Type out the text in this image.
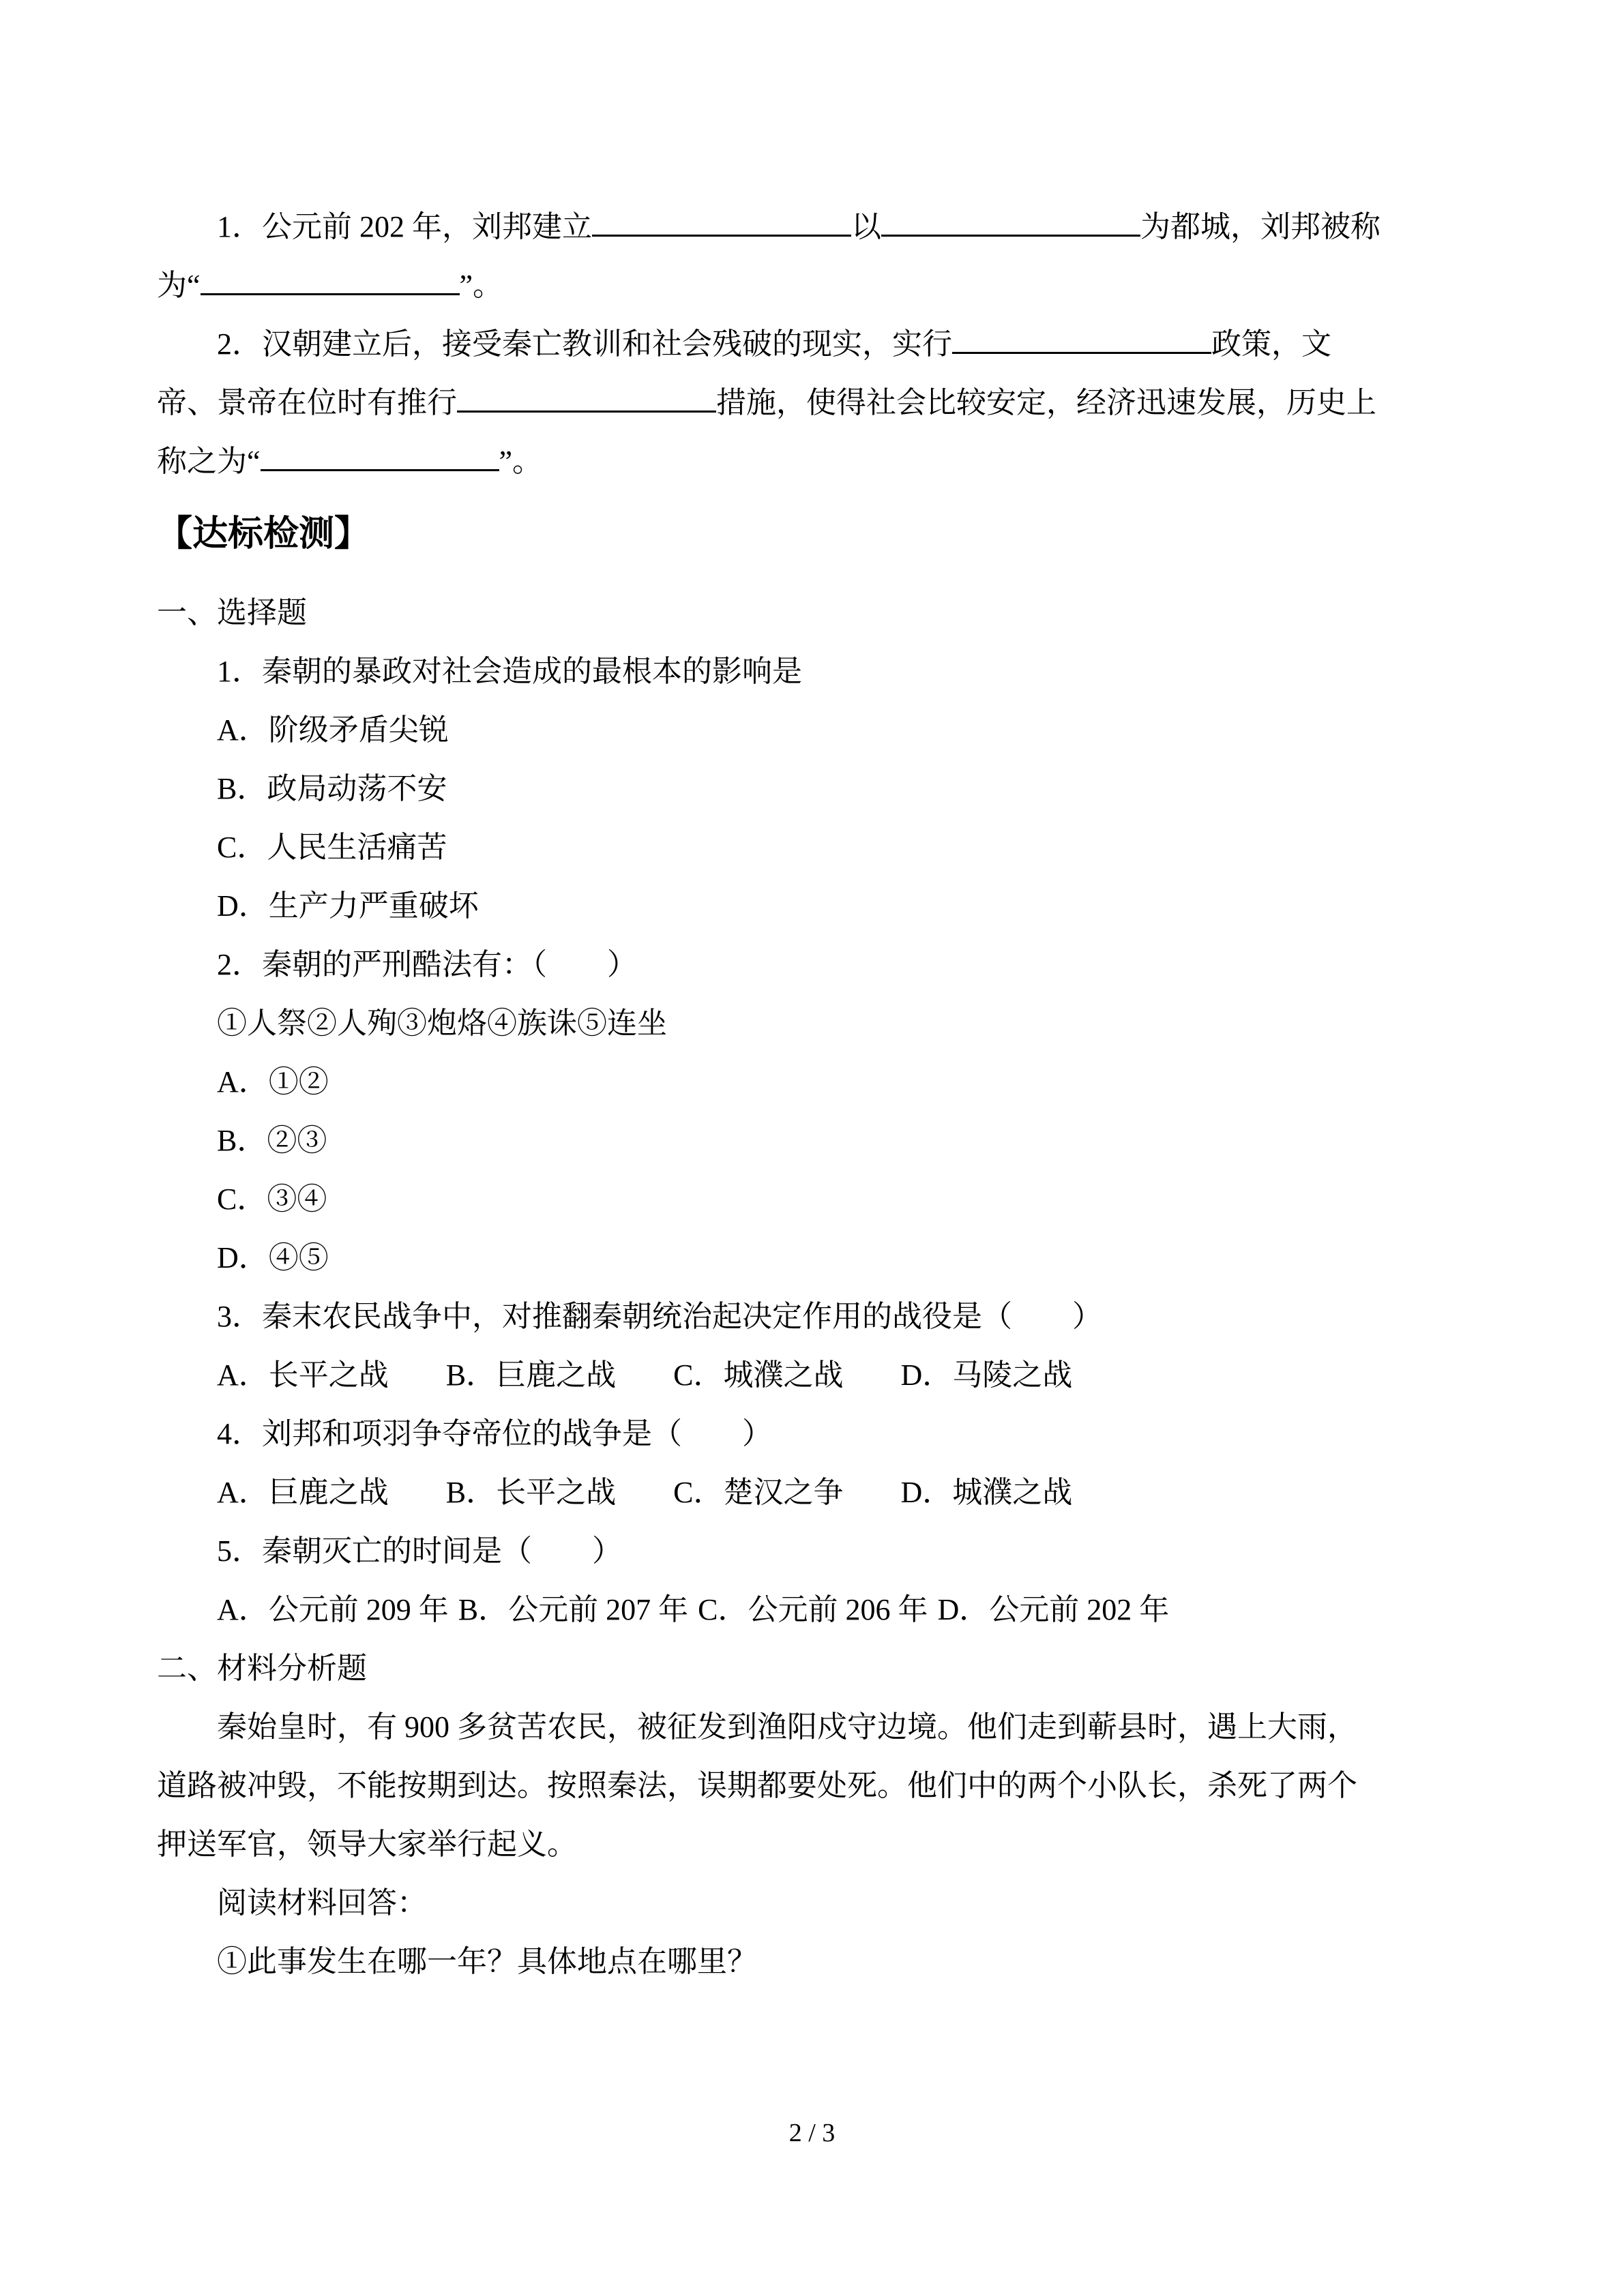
1．公元前 202 年，刘邦建立	以	为都城，刘邦被称

为“	”。

2．汉朝建立后，接受秦亡教训和社会残破的现实，实行	政策，文

帝、景帝在位时有推行	措施，使得社会比较安定，经济迅速发展，历史上

称之为“	”。

【达标检测】

一、选择题

1．秦朝的暴政对社会造成的最根本的影响是

A．阶级矛盾尖锐

B．政局动荡不安

C．人民生活痛苦

D．生产力严重破坏

2．秦朝的严刑酷法有：（　　）

①人祭②人殉③炮烙④族诛⑤连坐

A．①②

B．②③

C．③④

D．④⑤

3．秦末农民战争中，对推翻秦朝统治起决定作用的战役是（　　）

A．长平之战 B．巨鹿之战 C．城濮之战 D．马陵之战

4．刘邦和项羽争夺帝位的战争是（　　）

A．巨鹿之战 B．长平之战 C．楚汉之争 D．城濮之战

5．秦朝灭亡的时间是（　　）

A．公元前 209 年 B．公元前 207 年 C．公元前 206 年 D．公元前 202 年

二、材料分析题

秦始皇时，有 900 多贫苦农民，被征发到渔阳戍守边境。他们走到蕲县时，遇上大雨，

道路被冲毁，不能按期到达。按照秦法，误期都要处死。他们中的两个小队长，杀死了两个

押送军官，领导大家举行起义。

阅读材料回答：

①此事发生在哪一年？具体地点在哪里？

2 / 3
